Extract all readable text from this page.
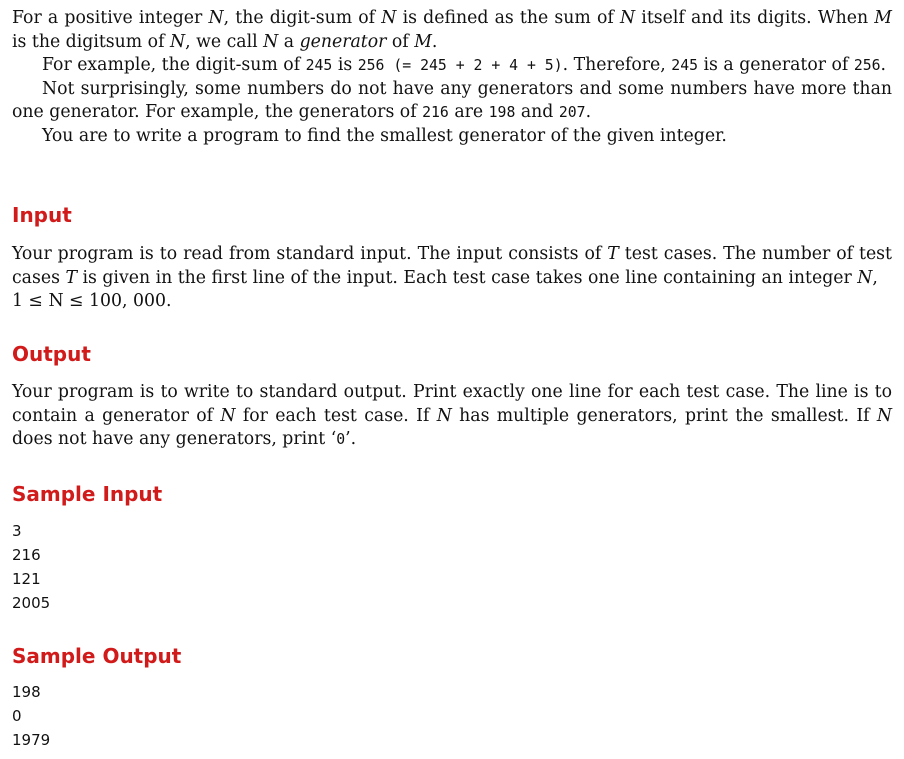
For a positive integer N, the digit-sum of N is defined as the sum of N itself and its digits. When M is the digitsum of N, we call N a generator of M.

For example, the digit-sum of 245 is 256 (= 245 + 2 + 4 + 5). Therefore, 245 is a generator of 256.

Not surprisingly, some numbers do not have any generators and some numbers have more than one generator. For example, the generators of 216 are 198 and 207.

You are to write a program to find the smallest generator of the given integer.

Input

Your program is to read from standard input. The input consists of T test cases. The number of test cases T is given in the first line of the input. Each test case takes one line containing an integer N,
1 ≤ N ≤ 100, 000.

Output

Your program is to write to standard output. Print exactly one line for each test case. The line is to contain a generator of N for each test case. If N has multiple generators, print the smallest. If N does not have any generators, print ‘0’.

Sample Input
3
216
121
2005
Sample Output
198
0
1979
